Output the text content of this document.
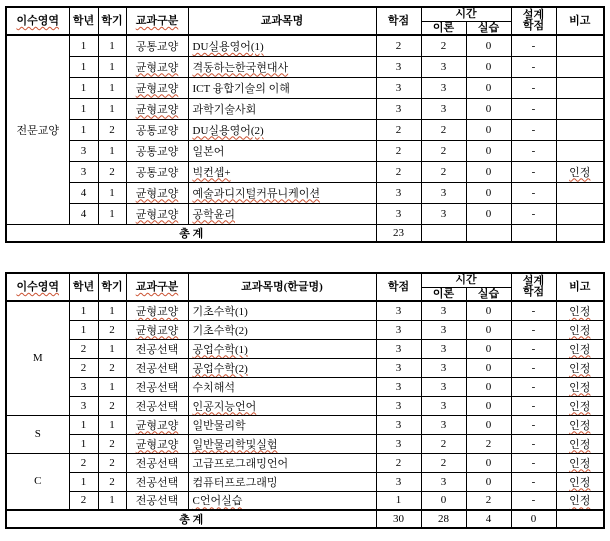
이수영역	학년	학기	교과구분	교과목명	학점	시간		설계
학점	비고
						이론	실습		
전문교양	1	1	공통교양	DU실용영어(1)	2	2	0	-	
	1	1	균형교양	격동하는한국현대사	3	3	0	-	
	1	1	균형교양	ICT 융합기술의 이해	3	3	0	-	
	1	1	균형교양	과학기술사회	3	3	0	-	
	1	2	공통교양	DU실용영어(2)	2	2	0	-	
	3	1	공통교양	일본어	2	2	0	-	
	3	2	공통교양	빅컨셉+	2	2	0	-	인정
	4	1	균형교양	예술과디지털커뮤니케이션	3	3	0	-	
	4	1	균형교양	공학윤리	3	3	0	-	
총 계					23				
이수영역	학년	학기	교과구분	교과목명(한글명)	학점	시간		설계
학점	비고
						이론	실습		
M	1	1	균형교양	기초수학(1)	3	3	0	-	인정
	1	2	균형교양	기초수학(2)	3	3	0	-	인정
	2	1	전공선택	공업수학(1)	3	3	0	-	인정
	2	2	전공선택	공업수학(2)	3	3	0	-	인정
	3	1	전공선택	수치해석	3	3	0	-	인정
	3	2	전공선택	인공지능언어	3	3	0	-	인정
S	1	1	균형교양	일반물리학	3	3	0	-	인정
	1	2	균형교양	일반물리학및실험	3	2	2	-	인정
C	2	2	전공선택	고급프로그래밍언어	2	2	0	-	인정
	1	2	전공선택	컴퓨터프로그래밍	3	3	0	-	인정
	2	1	전공선택	C언어실습	1	0	2	-	인정
총 계					30	28	4	0	
